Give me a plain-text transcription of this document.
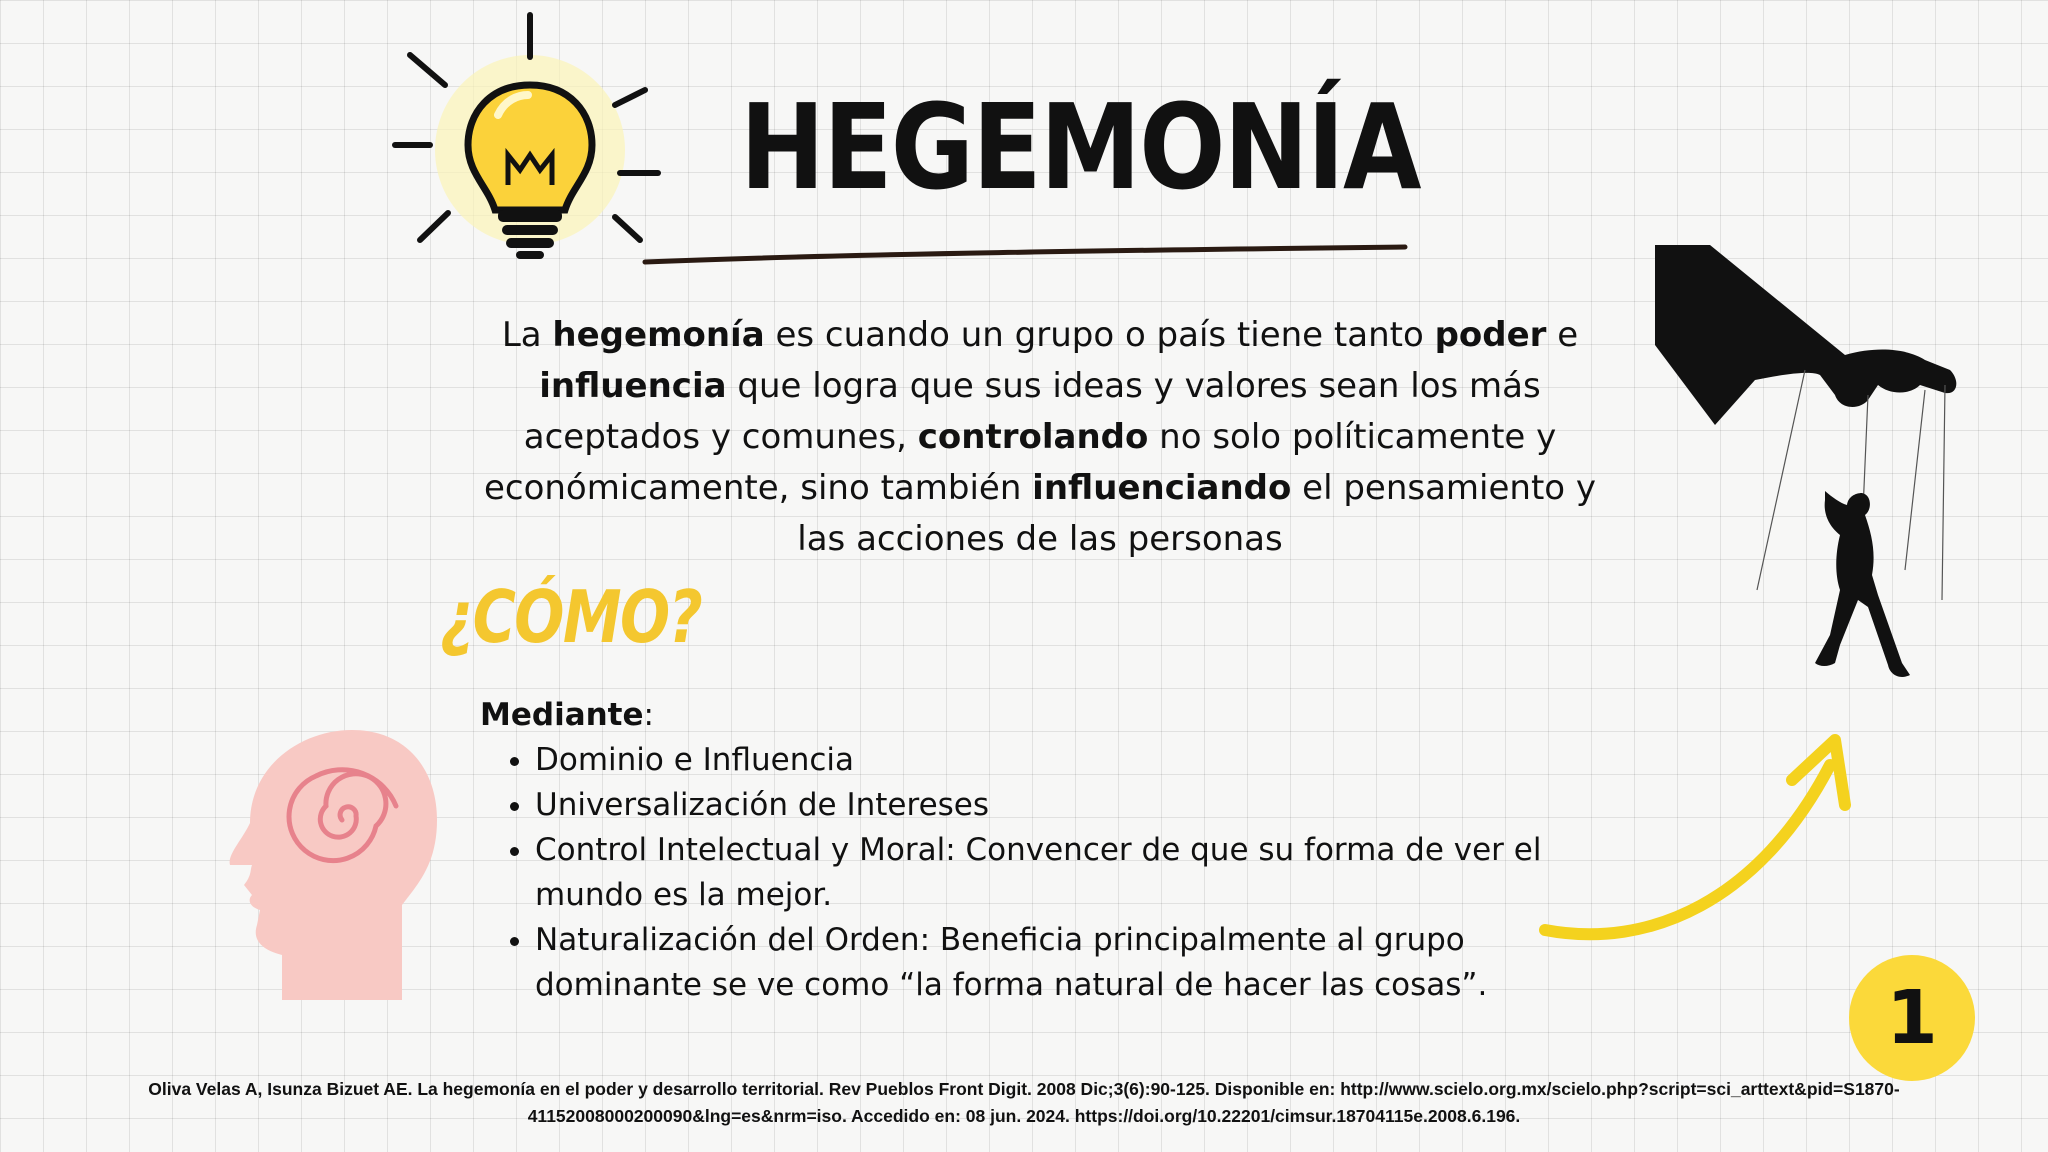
HEGEMONÍA
La hegemonía es cuando un grupo o país tiene tanto poder e influencia que logra que sus ideas y valores sean los más aceptados y comunes, controlando no solo políticamente y económicamente, sino también influenciando el pensamiento y las acciones de las personas
¿CÓMO?
Mediante:
• Dominio e Influencia
• Universalización de Intereses
• Control Intelectual y Moral: Convencer de que su forma de ver el mundo es la mejor.
• Naturalización del Orden: Beneficia principalmente al grupo dominante se ve como “la forma natural de hacer las cosas”.	1
Oliva Velas A, Isunza Bizuet AE. La hegemonía en el poder y desarrollo territorial. Rev Pueblos Front Digit. 2008 Dic;3(6):90-125. Disponible en: http://www.scielo.org.mx/scielo.php?script=sci_arttext&pid=S1870-41152008000200090&lng=es&nrm=iso. Accedido en: 08 jun. 2024. https://doi.org/10.22201/cimsur.18704115e.2008.6.196.
